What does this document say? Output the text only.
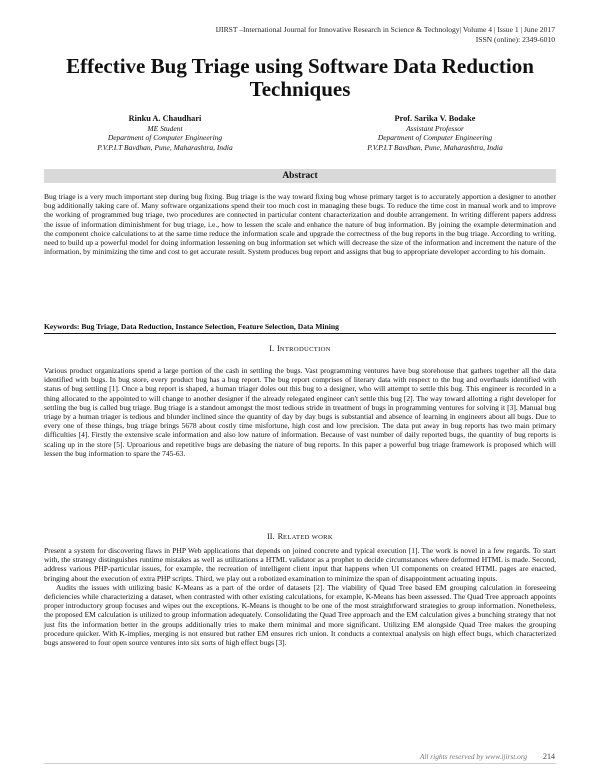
IJIRST –International Journal for Innovative Research in Science & Technology| Volume 4 | Issue 1 | June 2017
ISSN (online): 2349-6010
Effective Bug Triage using Software Data Reduction Techniques
Rinku A. Chaudhari
ME Student
Department of Computer Engineering
P.V.P.I.T Bavdhan, Pune, Maharashtra, India
Prof. Sarika V. Bodake
Assistant Professor
Department of Computer Engineering
P.V.P.I.T Bavdhan, Pune, Maharashtra, India
Abstract
Bug triage is a very much important step during bug fixing. Bug triage is the way toward fixing bug whose primary target is to accurately apportion a designer to another bug additionally taking care of. Many software organizations spend their too much cost in managing these bugs. To reduce the time cost in manual work and to improve the working of programmed bug triage, two procedures are connected in particular content characterization and double arrangement. In writing different papers address the issue of information diminishment for bug triage, i.e., how to lessen the scale and enhance the nature of bug information. By joining the example determination and the component choice calculations to at the same time reduce the information scale and upgrade the correctness of the bug reports in the bug triage. According to writing, need to build up a powerful model for doing information lessening on bug information set which will decrease the size of the information and increment the nature of the information, by minimizing the time and cost to get accurate result. System produces bug report and assigns that bug to appropriate developer according to his domain.
Keywords: Bug Triage, Data Reduction, Instance Selection, Feature Selection, Data Mining
I. INTRODUCTION

Various product organizations spend a large portion of the cash in settling the bugs. Vast programming ventures have bug storehouse that gathers together all the data identified with bugs. In bug store, every product bug has a bug report. The bug report comprises of literary data with respect to the bug and overhauls identified with status of bug settling [1]. Once a bug report is shaped, a human triager doles out this bug to a designer, who will attempt to settle this bug. This engineer is recorded in a thing allocated to the appointed to will change to another designer if the already relegated engineer can't settle this bug [2]. The way toward allotting a right developer for settling the bug is called bug triage. Bug triage is a standout amongst the most tedious stride in treatment of bugs in programming ventures for solving it [3]. Manual bug triage by a human triager is tedious and blunder inclined since the quantity of day by day bugs is substantial and absence of learning in engineers about all bugs. Due to every one of these things, bug triage brings 5678 about costly time misfortune, high cost and low precision. The data put away in bug reports has two main primary difficulties [4]. Firstly the extensive scale information and also low nature of information. Because of vast number of daily reported bugs, the quantity of bug reports is scaling up in the store [5]. Uproarious and repetitive bugs are debasing the nature of bug reports. In this paper a powerful bug triage framework is proposed which will lessen the bug information to spare the 745-63.

II. RELATED WORK

Present a system for discovering flaws in PHP Web applications that depends on joined concrete and typical execution [1]. The work is novel in a few regards. To start with, the strategy distinguishes runtime mistakes as well as utilizations a HTML validator as a prophet to decide circumstances where deformed HTML is made. Second, address various PHP-particular issues, for example, the recreation of intelligent client input that happens when UI components on created HTML pages are enacted, bringing about the execution of extra PHP scripts. Third, we play out a robotized examination to minimize the span of disappointment actuating inputs.

Audits the issues with utilizing basic K-Means as a part of the order of datasets [2]. The viability of Quad Tree based EM grouping calculation in foreseeing deficiencies while characterizing a dataset, when contrasted with other existing calculations, for example, K-Means has been assessed. The Quad Tree approach appoints proper introductory group focuses and wipes out the exceptions. K-Means is thought to be one of the most straightforward strategies to group information. Nonetheless, the proposed EM calculation is utilized to group information adequately. Consolidating the Quad Tree approach and the EM calculation gives a bunching strategy that not just fits the information better in the groups additionally tries to make them minimal and more significant. Utilizing EM alongside Quad Tree makes the grouping procedure quicker. With K-implies, merging is not ensured but rather EM ensures rich union. It conducts a contextual analysis on high effect bugs, which characterized bugs answered to four open source ventures into six sorts of high effect bugs [3].

All rights reserved by www.ijirst.org 214
